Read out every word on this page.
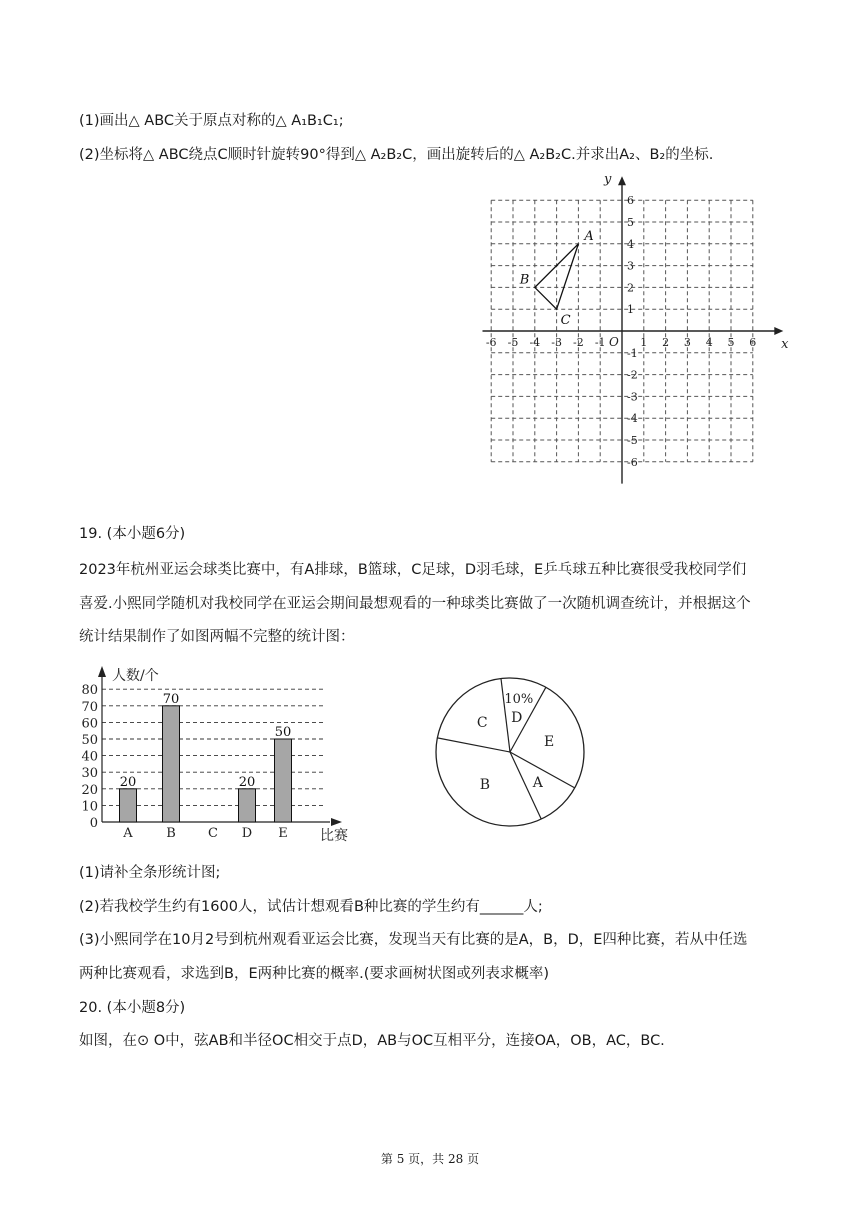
(1)画出△ ABC关于原点对称的△ A₁B₁C₁;
(2)坐标将△ ABC绕点C顺时针旋转90°得到△ A₂B₂C，画出旋转后的△ A₂B₂C.并求出A₂、B₂的坐标.
x
y
O
-6 -5 -4 -3 -2 -1	1 2 3 4 5 6
6
5
4
3
2
1
-1
-2
-3
-4
-5
-6
A
B
C
19. (本小题6分)
2023年杭州亚运会球类比赛中，有A排球，B篮球，C足球，D羽毛球，E乒乓球五种比赛很受我校同学们
喜爱.小熙同学随机对我校同学在亚运会期间最想观看的一种球类比赛做了一次随机调查统计，并根据这个
统计结果制作了如图两幅不完整的统计图：
人数/个
比赛
0
10
20
30
40
50
60
70
80
A
20
B
70
C D
20
E
50
D
10%
E
A
B
C
(1)请补全条形统计图;
(2)若我校学生约有1600人，试估计想观看B种比赛的学生约有______人;
(3)小熙同学在10月2号到杭州观看亚运会比赛，发现当天有比赛的是A，B，D，E四种比赛，若从中任选
两种比赛观看，求选到B，E两种比赛的概率.(要求画树状图或列表求概率)
20. (本小题8分)
如图，在⊙ O中，弦AB和半径OC相交于点D，AB与OC互相平分，连接OA，OB，AC，BC.
第 5 页，共 28 页
